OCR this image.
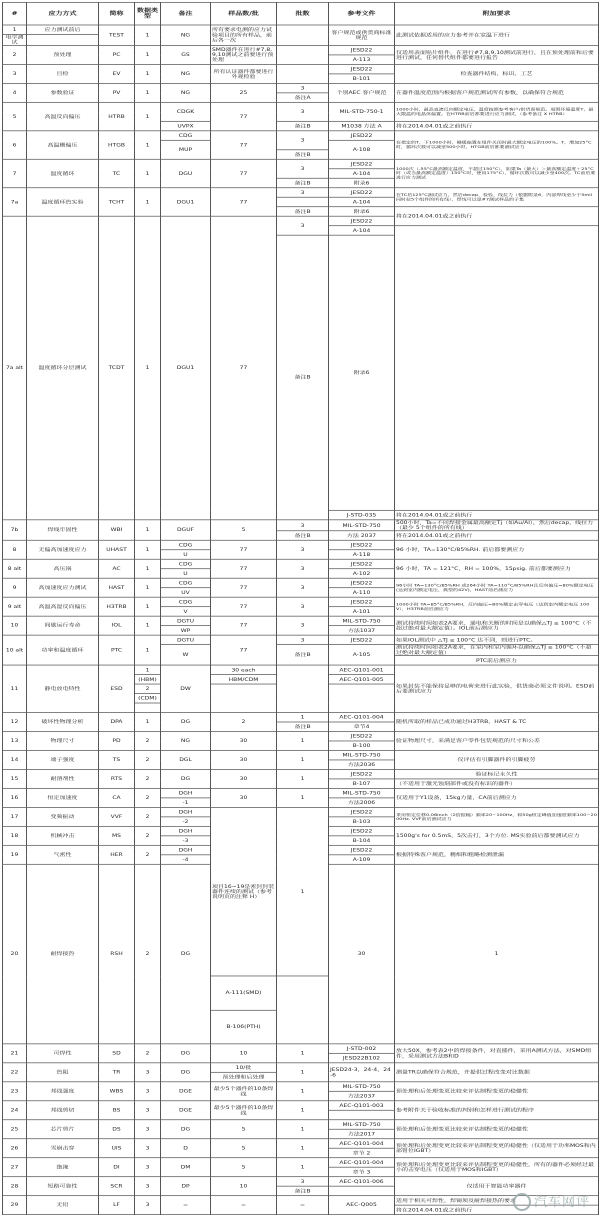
#	应力方式	简称	数据类型	备注	样品数/批	批数	参考文件	附加要求	
1	应力测试前后	TEST	1	NG	所有要求电测的应力试验项目的所有样品，前后各一次		客户规范或供货商标准规范	此测试依据适用的应力参考并在室温下进行	
电学测试									
2	预处理	PC	1	GS	SMD器件在进行#7,8,9,10测试之前要进行预处理		JESD22	仅适用表面贴片组件，在进行#7,8,9,10测试前进行，且在预处理前和后要进行测试，任何替代组件都要进行报告	
							A-113		
3	目检	EV	1	NG	所有认证器件都要进行外观检验		JESD22	检查器件结构、标识、工艺	
							B-101		
4	参数验证	PV	1	NG	25	3	个别AEC 客户规范	在器件温度范围内根据客户规范测试所有参数，以确保符合规范	
						备注A			
5	高温反向偏压	HTRB	1	CDGK	77	3	MIL-STD-750-1	1000小时，最高直流反向额定电压，温度按照参考客户/供货商规范。周围环境温度T，最大限温的电晶体偏置。在HTRB前后都要进行应力测试，（参考备注 X HTRB）	

				UVPX		备注B	M1038 方法 A	将在2014.04.01或之前执行	
6	高温栅偏压	HTGB	1	CDG	77	3	JESD22	在指定的T，下1000小时，栅极偏置在组件关闭时最大额定电压的100%。T，增加25°C时，循环次数可以减至500小时，HTGB前后都要测试应力	
				MUP			A-108		
						备注B			
7	温度循环	TC	1	DGU	77	3	JESD22	1000次（-55°C最高额定温度，不超过150°C），如果Ta（最大）＞最高额定温度＋25°C时（或当最高额定温度）150°C时，使用175°C），循环次数可以减少至400次。TC前后要进行应力测试	
							A-104		
						备注B	附录6		
7a	温度循环热实验	TCHT	1	DGU1	77	3	JESD22	在TC后125°C测试应力，然后decap、检验、线拉力（根据附录6，内部焊线至少于5mil同时拉5个组件的所有线），焊线可以是#7测试样品的子集	
							A-104		
						备注B	附录6	将在2014.04.01或之前执行	
7a alt	温度循环分层测试	TCDT	1	DGU1	77	3	JESD22	
							A-104		
						备注B	附录6		
							J-STD-035	将在2014.04.01或之前执行	
7b	焊线牢固性	WBI	1	DGUF	5	3	MIL-STD-750	500小时，Ta=不同焊接金属最高额定Tj（如Au/Al），然后decap，线拉力（最少 5个组件的所有线）	
						备注B	方法 2037	将在2014.04.01或之前执行	
8	无偏高加速度应力	UHAST	1	CDG	77	3	JESD22	96 小时，TA=130°C/85%RH. 前后都要测应力	
				U			A-118		
8 alt	高压锅	AC	1	CDG	77	3	JESD22	96 小时，TA = 121°C，RH = 100%，15psig. 前后都要测应力	
				U			A-102		
9	高加速度应力测试	HAST	1	CDG	77	3	JESD22	96小时 TA=130°C/85%RH 或264小时 TA=110°C/85%RH且反向偏压=80%额定电压(达到室内额定电压，典型的42V)，HAST前后测应力	
				UV			A-110		
9 alt	高温高湿反向偏压	H3TRB	1	CDG	77	3	JESD22	1000小时 TA=85°C/85%RH，反向偏压=80%额定击穿电压（达到室内额定电压 100V），H3TRB前后测应力	
				V			A-101		
10	间歇运行寿命	IOL	1	DGTU	77	3	MIL-STD-750	测试持续时间如表2A要求，通电和关断的时间是以确保△TJ ≥ 100°C（不超过绝对最大额定值）。IOL前后测应力	
				WP			方法1037		
10 alt	功率和温度循环	PTC	1	DGTU	77	3	JESD22	如果IOL测试中 △TJ ≥ 100°C 达不到，则进行PTC。	
				W		备注B	A-105	测试持续时间如表2A要求，在室内和室内循环以确保△TJ ≥ 100°C（不超过绝对最大额定值）	
								PTC前后测应力	
11	静电放电特性	ESD	1	DW	30 each		AEC-Q101-001	如果封装不能保持足够的电荷来进行此实验，供货商必须文件说明。ESD前后要测试应力	
			(HBM)		HBM/CDM		AEC-Q101-005		
			2						
			(CDM)						

12	破坏性物理分析	DPA	1	DG	2	1	AEC-Q101-004	随机所取的样品已成功通过H3TRB、HAST & TC	
						备注B	章节4		
13	物理尺寸	PD	2	NG	30	1	JESD22	验证物理尺寸，来满足客户零件包装规范的尺寸和公差	
							B-100		
14	端子强度	TS	2	DGL	30	1	MIL-STD-750	仅评估有引脚器件的引脚疲劳	
							方法2036		
15	耐溶剂性	RTS	2	DG	30	1	JESD22	验证标记永久性	
							B-107	（不适用于激光蚀刻部件或没有标识的器件）	
16	恒定加速度	CA	2	DGH	30	1	MIL-STD-750	仅适用于Y1设备，15kg力量，CA前后测应力	
				-1			方法2006		
17	变频振动	VVF	2	DGH	项目16~19是密封封装器件连续的测试（参考说明页的注释 H）	1	JESD22	采用恒定位移0.06inch（2倍振幅）频率20~100Hz，和50g恒定峰值加速度频率100~2000Hz. VVF前后测试应力	
				-2			B-103		
18	机械冲击	MS	2	DGH			JESD22	1500g's for 0.5mS，5次击打，3个方位. MS实验前后都要测试应力	
				-3			B-104		
19	气密性	HER	2	DGH			JESD22	根据特殊客户规范，精细和粗略检测泄漏	
				-4			A-109		
20	耐焊接热	RSH	2	DG			30	1		
					A-111(SMD)				
					B-106(PTH)				
21	可焊性	SD	2	DG	10	1	J-STD-002	放大50X，参考表2中的焊接条件，对直插件，采用A测试方法，对SMD组件，采用测试方法B和D	
							JESD22B102		
22	热阻	TR	3	DG	10/批	1	JESD24-3，24-4，24-6	测量TR以确保符合规范，并提供过程改变对比数据	
					预处理和后处理				
23	邦线强度	WBS	3	DGE	最少5个器件的10条焊线	1	MIL-STD-750	预处理和后处理变更比较来评估制程变更的稳健性	
							方法2037		
24	邦线剪切	BS	3	DGE	最少5个器件的10条焊线	1	AEC-Q101-003	参考附件关于验收标准的判别和怎样进行测试的程序	

25	芯片剪片	DS	3	DG	5	1	MIL-STD-750	预处理和后处理变更比较来评估制程变更的稳健性	
							方法2017		
26	雪崩击穿	UIS	3	D	5	1	AEC-Q101-004	预处理和后处理变更比较来评估制程变更的稳健性（仅适用于功率MOS和内部钳位IGBT）	
							章节 2		
27	绝缘	DI	3	DM	5	1	AEC-Q101-004	预处理和后处理变更比较来评估制程变更的稳健性，所有的器件必须经过最小的击穿电压（仅适用于MOS和IGBT）	
							章节 3		
28	短路可靠性	SCR	3	DP	10	3	AEC-Q101-006	仅适用于智能功率器件	
						备注B			
29	无铅	LF	3	=	=	=	AEC-Q005	适用于相关可焊性，焊锡须及耐焊接热的要求	
								将在2014.04.01或之前执行	
汽车网评
